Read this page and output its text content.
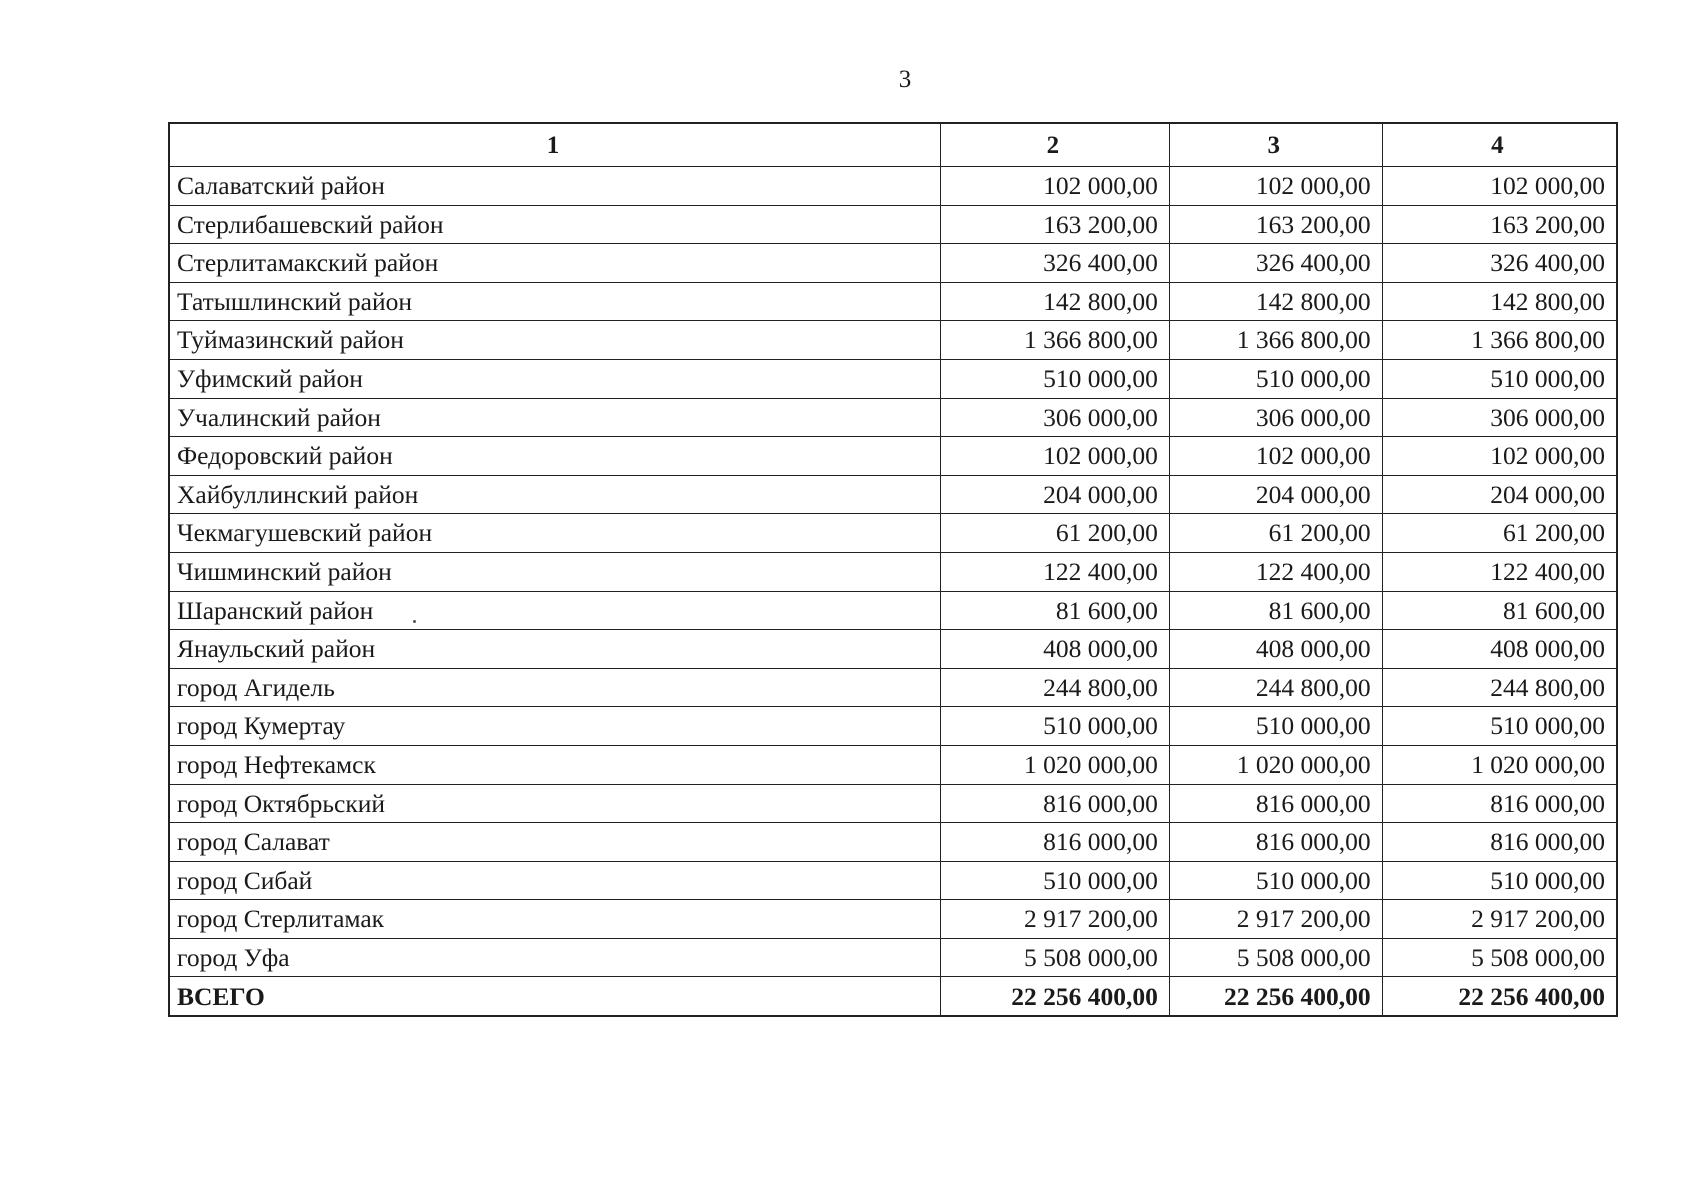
3
1	2	3	4
Салаватский район	102 000,00	102 000,00	102 000,00
Стерлибашевский район	163 200,00	163 200,00	163 200,00
Стерлитамакский район	326 400,00	326 400,00	326 400,00
Татышлинский район	142 800,00	142 800,00	142 800,00
Туймазинский район	1 366 800,00	1 366 800,00	1 366 800,00
Уфимский район	510 000,00	510 000,00	510 000,00
Учалинский район	306 000,00	306 000,00	306 000,00
Федоровский район	102 000,00	102 000,00	102 000,00
Хайбуллинский район	204 000,00	204 000,00	204 000,00
Чекмагушевский район	61 200,00	61 200,00	61 200,00
Чишминский район	122 400,00	122 400,00	122 400,00
Шаранский район	81 600,00	81 600,00	81 600,00
Янаульский район	408 000,00	408 000,00	408 000,00
город Агидель	244 800,00	244 800,00	244 800,00
город Кумертау	510 000,00	510 000,00	510 000,00
город Нефтекамск	1 020 000,00	1 020 000,00	1 020 000,00
город Октябрьский	816 000,00	816 000,00	816 000,00
город Салават	816 000,00	816 000,00	816 000,00
город Сибай	510 000,00	510 000,00	510 000,00
город Стерлитамак	2 917 200,00	2 917 200,00	2 917 200,00
город Уфа	5 508 000,00	5 508 000,00	5 508 000,00
ВСЕГО	22 256 400,00	22 256 400,00	22 256 400,00
